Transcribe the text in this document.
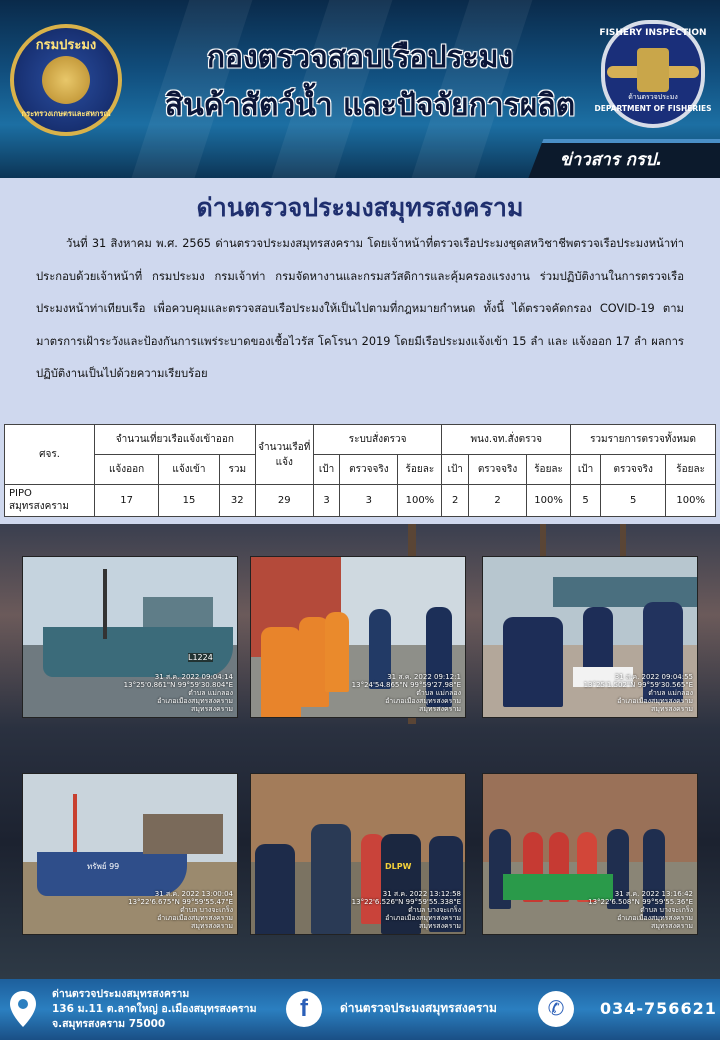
กรมประมง
กระทรวงเกษตรและสหกรณ์
กองตรวจสอบเรือประมง
สินค้าสัตว์น้ำ และปัจจัยการผลิต
FISHERY INSPECTION
ด้านตรวจประมง
DEPARTMENT OF FISHERIES
ข่าวสาร กรป.
ด่านตรวจประมงสมุทรสงคราม
วันที่ 31 สิงหาคม พ.ศ. 2565 ด่านตรวจประมงสมุทรสงคราม โดยเจ้าหน้าที่ตรวจเรือประมงชุดสหวิชาชีพตรวจเรือประมงหน้าท่า ประกอบด้วยเจ้าหน้าที่ กรมประมง กรมเจ้าท่า กรมจัดหางานและกรมสวัสดิการและคุ้มครองแรงงาน ร่วมปฏิบัติงานในการตรวจเรือประมงหน้าท่าเทียบเรือ เพื่อควบคุมและตรวจสอบเรือประมงให้เป็นไปตามที่กฎหมายกำหนด ทั้งนี้ ได้ตรวจคัดกรอง COVID-19 ตามมาตรการเฝ้าระวังและป้องกันการแพร่ระบาดของเชื้อไวรัส โคโรนา 2019 โดยมีเรือประมงแจ้งเข้า 15 ลำ และ แจ้งออก 17 ลำ ผลการปฏิบัติงานเป็นไปด้วยความเรียบร้อย
ศจร.	จำนวนเที่ยวเรือแจ้งเข้าออก			จำนวนเรือที่แจ้ง	ระบบสั่งตรวจ			พนง.จท.สั่งตรวจ			รวมรายการตรวจทั้งหมด		
	แจ้งออก	แจ้งเข้า	รวม		เป้า	ตรวจจริง	ร้อยละ	เป้า	ตรวจจริง	ร้อยละ	เป้า	ตรวจจริง	ร้อยละ
PIPO สมุทรสงคราม	17	15	32	29	3	3	100%	2	2	100%	5	5	100%
L1224
31 ส.ค. 2022 09:04:14
13°25'0.861"N 99°59'30.804"E
ตำบล แม่กลอง
อำเภอเมืองสมุทรสงคราม
สมุทรสงคราม
31 ส.ค. 2022 09:12:1
13°24'54.865"N 99°59'27.98"E
ตำบล แม่กลอง
อำเภอเมืองสมุทรสงคราม
สมุทรสงคราม
31 ส.ค. 2022 09:04:55
13°25'1.502"N 99°59'30.565"E
ตำบล แม่กลอง
อำเภอเมืองสมุทรสงคราม
สมุทรสงคราม
ทรัพย์ 99
31 ส.ค. 2022 13:00:04
13°22'6.675"N 99°59'55.47"E
ตำบล บางจะเกร็ง
อำเภอเมืองสมุทรสงคราม
สมุทรสงคราม
DLPW
31 ส.ค. 2022 13:12:58
13°22'6.526"N 99°59'55.338"E
ตำบล บางจะเกร็ง
อำเภอเมืองสมุทรสงคราม
สมุทรสงคราม
31 ส.ค. 2022 13:16:42
13°22'6.508"N 99°59'55.36"E
ตำบล บางจะเกร็ง
อำเภอเมืองสมุทรสงคราม
สมุทรสงคราม
ด่านตรวจประมงสมุทรสงคราม
136 ม.11 ต.ลาดใหญ่ อ.เมืองสมุทรสงคราม
จ.สมุทรสงคราม 75000
f	ด่านตรวจประมงสมุทรสงคราม	✆	034-756621
